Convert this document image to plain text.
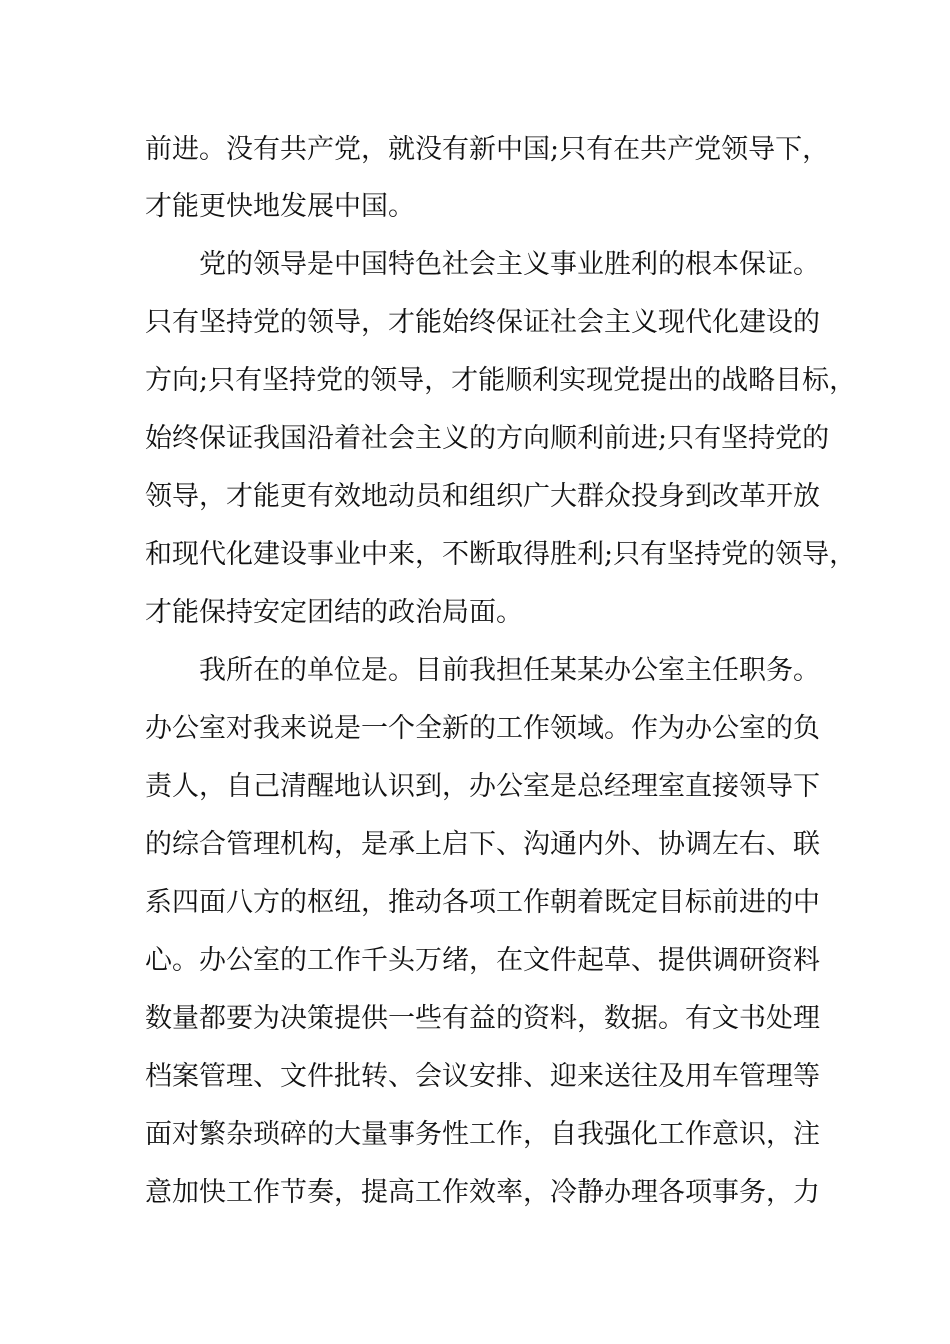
前进。没有共产党，就没有新中国;只有在共产党领导下，
才能更快地发展中国。
党的领导是中国特色社会主义事业胜利的根本保证。
只有坚持党的领导，才能始终保证社会主义现代化建设的
方向;只有坚持党的领导，才能顺利实现党提出的战略目标，
始终保证我国沿着社会主义的方向顺利前进;只有坚持党的
领导，才能更有效地动员和组织广大群众投身到改革开放
和现代化建设事业中来，不断取得胜利;只有坚持党的领导，
才能保持安定团结的政治局面。
我所在的单位是。目前我担任某某办公室主任职务。
办公室对我来说是一个全新的工作领域。作为办公室的负
责人，自己清醒地认识到，办公室是总经理室直接领导下
的综合管理机构，是承上启下、沟通内外、协调左右、联
系四面八方的枢纽，推动各项工作朝着既定目标前进的中
心。办公室的工作千头万绪，在文件起草、提供调研资料
数量都要为决策提供一些有益的资料，数据。有文书处理
档案管理、文件批转、会议安排、迎来送往及用车管理等
面对繁杂琐碎的大量事务性工作，自我强化工作意识，注
意加快工作节奏，提高工作效率，冷静办理各项事务，力
